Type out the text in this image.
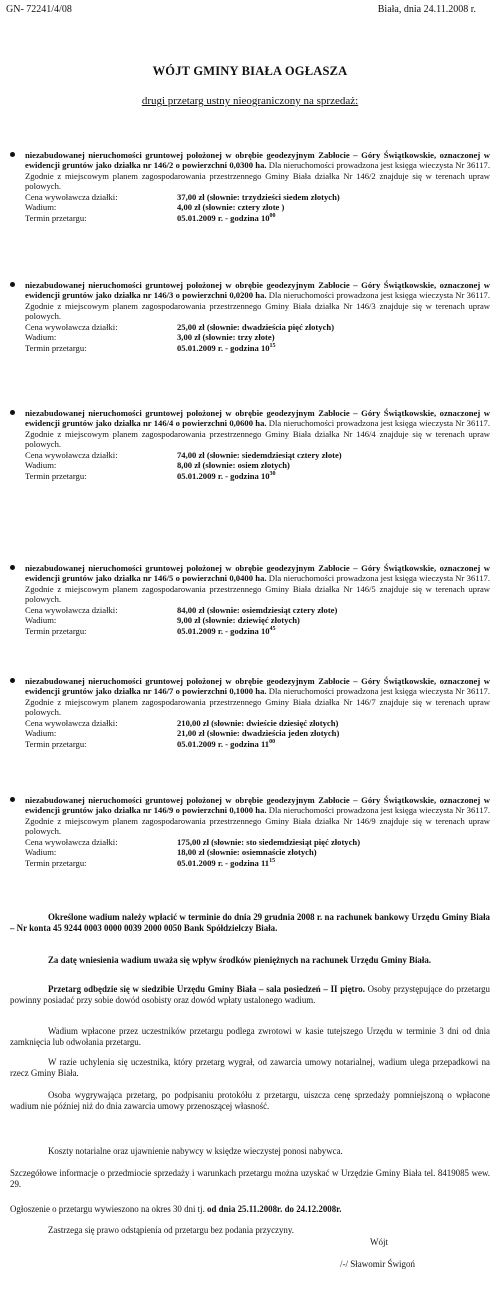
GN- 72241/4/08	Biała, dnia 24.11.2008 r.
WÓJT GMINY BIAŁA OGŁASZA
drugi przetarg ustny nieograniczony na sprzedaż:
niezabudowanej nieruchomości gruntowej położonej w obrębie geodezyjnym Zabłocie – Góry Świątkowskie, oznaczonej w ewidencji gruntów jako działka nr 146/2 o powierzchni 0,0300 ha. Dla nieruchomości prowadzona jest księga wieczysta Nr 36117. Zgodnie z miejscowym planem zagospodarowania przestrzennego Gminy Biała działka Nr 146/2 znajduje się w terenach upraw polowych.
Cena wywoławcza działki:	37,00 zł (słownie: trzydzieści siedem złotych)
Wadium:	4,00 zł (słownie: cztery złote )
Termin przetargu:	05.01.2009 r. - godzina $10^{00}$
niezabudowanej nieruchomości gruntowej położonej w obrębie geodezyjnym Zabłocie – Góry Świątkowskie, oznaczonej w ewidencji gruntów jako działka nr 146/3 o powierzchni 0,0200 ha. Dla nieruchomości prowadzona jest księga wieczysta Nr 36117. Zgodnie z miejscowym planem zagospodarowania przestrzennego Gminy Biała działka Nr 146/3 znajduje się w terenach upraw polowych.
Cena wywoławcza działki:	25,00 zł (słownie: dwadzieścia pięć złotych)
Wadium:	3,00 zł (słownie: trzy złote)
Termin przetargu:	05.01.2009 r. - godzina $10^{15}$
niezabudowanej nieruchomości gruntowej położonej w obrębie geodezyjnym Zabłocie – Góry Świątkowskie, oznaczonej w ewidencji gruntów jako działka nr 146/4 o powierzchni 0,0600 ha. Dla nieruchomości prowadzona jest księga wieczysta Nr 36117. Zgodnie z miejscowym planem zagospodarowania przestrzennego Gminy Biała działka Nr 146/4 znajduje się w terenach upraw polowych.
Cena wywoławcza działki:	74,00 zł (słownie: siedemdziesiąt cztery złote)
Wadium:	8,00 zł (słownie: osiem złotych)
Termin przetargu:	05.01.2009 r. - godzina $10^{30}$
niezabudowanej nieruchomości gruntowej położonej w obrębie geodezyjnym Zabłocie – Góry Świątkowskie, oznaczonej w ewidencji gruntów jako działka nr 146/5 o powierzchni 0,0400 ha. Dla nieruchomości prowadzona jest księga wieczysta Nr 36117. Zgodnie z miejscowym planem zagospodarowania przestrzennego Gminy Biała działka Nr 146/5 znajduje się w terenach upraw polowych.
Cena wywoławcza działki:	84,00 zł (słownie: osiemdziesiąt cztery złote)
Wadium:	9,00 zł (słownie: dziewięć złotych)
Termin przetargu:	05.01.2009 r. - godzina $10^{45}$
niezabudowanej nieruchomości gruntowej położonej w obrębie geodezyjnym Zabłocie – Góry Świątkowskie, oznaczonej w ewidencji gruntów jako działka nr 146/7 o powierzchni 0,1000 ha. Dla nieruchomości prowadzona jest księga wieczysta Nr 36117. Zgodnie z miejscowym planem zagospodarowania przestrzennego Gminy Biała działka Nr 146/7 znajduje się w terenach upraw polowych.
Cena wywoławcza działki:	210,00 zł (słownie: dwieście dziesięć złotych)
Wadium:	21,00 zł (słownie: dwadzieścia jeden złotych)
Termin przetargu:	05.01.2009 r. - godzina $11^{00}$
niezabudowanej nieruchomości gruntowej położonej w obrębie geodezyjnym Zabłocie – Góry Świątkowskie, oznaczonej w ewidencji gruntów jako działka nr 146/9 o powierzchni 0,1000 ha. Dla nieruchomości prowadzona jest księga wieczysta Nr 36117. Zgodnie z miejscowym planem zagospodarowania przestrzennego Gminy Biała działka Nr 146/9 znajduje się w terenach upraw polowych.
Cena wywoławcza działki:	175,00 zł (słownie: sto siedemdziesiąt pięć złotych)
Wadium:	18,00 zł (słownie: osiemnaście złotych)
Termin przetargu:	05.01.2009 r. - godzina $11^{15}$
Określone wadium należy wpłacić w terminie do dnia 29 grudnia 2008 r. na rachunek bankowy Urzędu Gminy Biała – Nr konta 45 9244 0003 0000 0039 2000 0050 Bank Spółdzielczy Biała.
Za datę wniesienia wadium uważa się wpływ środków pieniężnych na rachunek Urzędu Gminy Biała.
Przetarg odbędzie się w siedzibie Urzędu Gminy Biała – sala posiedzeń – II piętro. Osoby przystępujące do przetargu powinny posiadać przy sobie dowód osobisty oraz dowód wpłaty ustalonego wadium.
Wadium wpłacone przez uczestników przetargu podlega zwrotowi w kasie tutejszego Urzędu w terminie 3 dni od dnia zamknięcia lub odwołania przetargu.
W razie uchylenia się uczestnika, który przetarg wygrał, od zawarcia umowy notarialnej, wadium ulega przepadkowi na rzecz Gminy Biała.
Osoba wygrywająca przetarg, po podpisaniu protokółu z przetargu, uiszcza cenę sprzedaży pomniejszoną o wpłacone wadium nie później niż do dnia zawarcia umowy przenoszącej własność.
Koszty notarialne oraz ujawnienie nabywcy w księdze wieczystej ponosi nabywca.
Szczegółowe informacje o przedmiocie sprzedaży i warunkach przetargu można uzyskać w Urzędzie Gminy Biała tel. 8419085 wew. 29.
Ogłoszenie o przetargu wywieszono na okres 30 dni tj. od dnia 25.11.2008r. do 24.12.2008r.
Zastrzega się prawo odstąpienia od przetargu bez podania przyczyny.
Wójt
/-/ Sławomir Świgoń
